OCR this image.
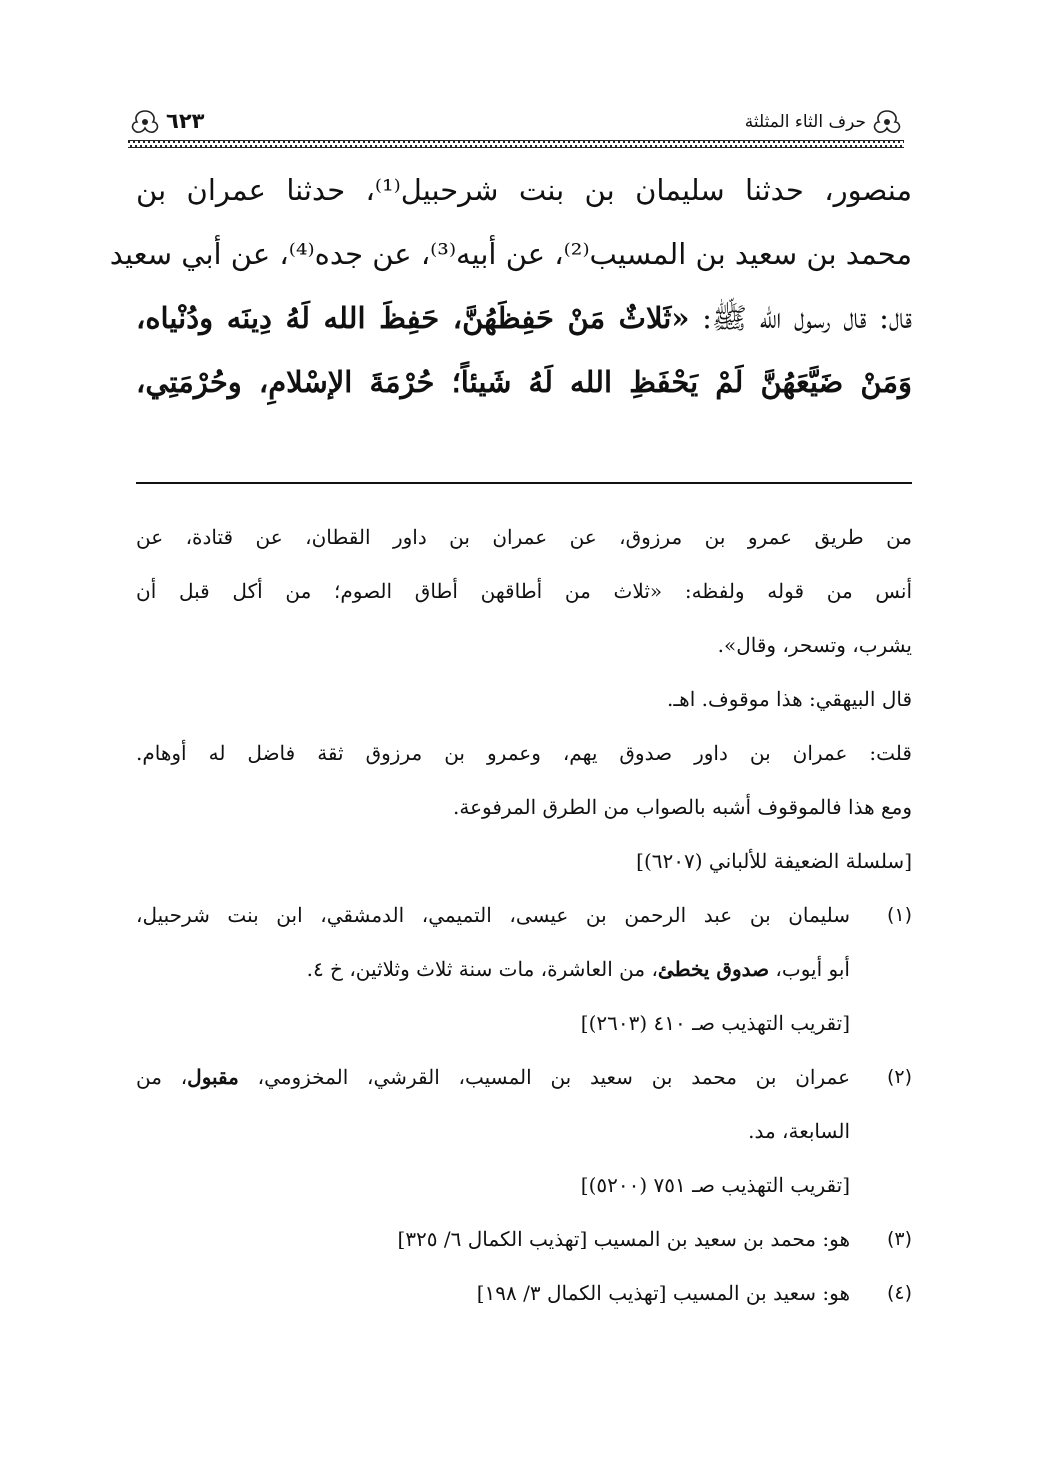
حرف الثاء المثلثة
٦٢٣

منصور، حدثنا سليمان بن بنت شرحبيل⁽¹⁾، حدثنا عمران بن

محمد بن سعيد بن المسيب⁽²⁾، عن أبيه⁽³⁾، عن جده⁽⁴⁾، عن أبي سعيد

قال: قال رسول الله ﷺ: «ثَلاثٌ مَنْ حَفِظَهُنَّ، حَفِظَ الله لَهُ دِينَه ودُنْياه،

وَمَنْ ضَيَّعَهُنَّ لَمْ يَحْفَظِ الله لَهُ شَيئاً؛ حُرْمَةَ الإسْلامِ، وحُرْمَتِي،

من طريق عمرو بن مرزوق، عن عمران بن داور القطان، عن قتادة، عن

أنس من قوله ولفظه: «ثلاث من أطاقهن أطاق الصوم؛ من أكل قبل أن

يشرب، وتسحر، وقال».

قال البيهقي: هذا موقوف. اهـ.

قلت: عمران بن داور صدوق يهم، وعمرو بن مرزوق ثقة فاضل له أوهام.

ومع هذا فالموقوف أشبه بالصواب من الطرق المرفوعة.

[سلسلة الضعيفة للألباني (٦٢٠٧)]

(١)

سليمان بن عبد الرحمن بن عيسى، التميمي، الدمشقي، ابن بنت شرحبيل،

أبو أيوب، صدوق يخطئ، من العاشرة، مات سنة ثلاث وثلاثين، خ ٤.

[تقريب التهذيب صـ ٤١٠ (٢٦٠٣)]

(٢)

عمران بن محمد بن سعيد بن المسيب، القرشي، المخزومي، مقبول، من

السابعة، مد.

[تقريب التهذيب صـ ٧٥١ (٥٢٠٠)]

(٣)

هو: محمد بن سعيد بن المسيب [تهذيب الكمال ٦/ ٣٢٥]

(٤)

هو: سعيد بن المسيب [تهذيب الكمال ٣/ ١٩٨]
